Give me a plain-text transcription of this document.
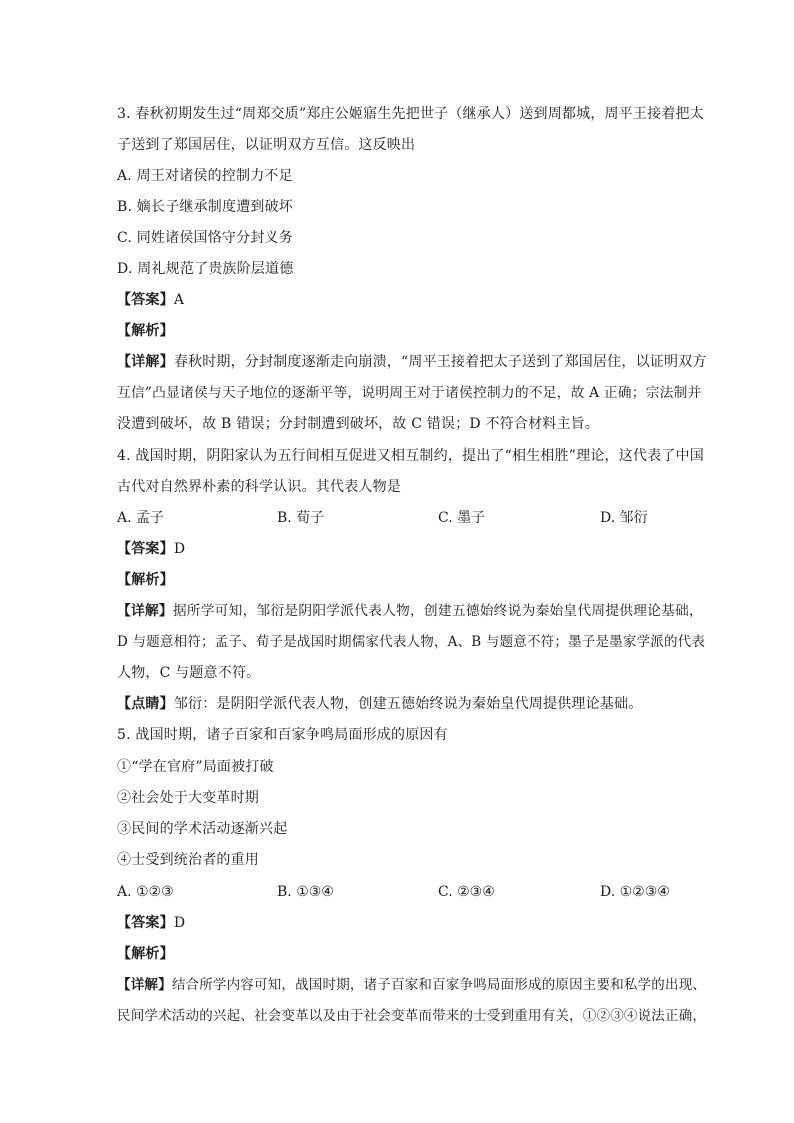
3. 春秋初期发生过“周郑交质”郑庄公姬寤生先把世子（继承人）送到周都城，周平王接着把太
子送到了郑国居住，以证明双方互信。这反映出
A. 周王对诸侯的控制力不足
B. 嫡长子继承制度遭到破坏
C. 同姓诸侯国恪守分封义务
D. 周礼规范了贵族阶层道德
【答案】A
【解析】
【详解】春秋时期，分封制度逐渐走向崩溃，“周平王接着把太子送到了郑国居住，以证明双方
互信”凸显诸侯与天子地位的逐渐平等，说明周王对于诸侯控制力的不足，故 A 正确；宗法制并
没遭到破坏，故 B 错误；分封制遭到破坏，故 C 错误；D 不符合材料主旨。
4. 战国时期，阴阳家认为五行间相互促进又相互制约，提出了“相生相胜”理论，这代表了中国
古代对自然界朴素的科学认识。其代表人物是
A. 孟子	B. 荀子	C. 墨子	D. 邹衍
【答案】D
【解析】
【详解】据所学可知，邹衍是阴阳学派代表人物，创建五德始终说为秦始皇代周提供理论基础，
D 与题意相符；孟子、荀子是战国时期儒家代表人物，A、B 与题意不符；墨子是墨家学派的代表
人物，C 与题意不符。
【点睛】邹衍：是阴阳学派代表人物，创建五德始终说为秦始皇代周提供理论基础。
5. 战国时期，诸子百家和百家争鸣局面形成的原因有
①“学在官府”局面被打破
②社会处于大变革时期
③民间的学术活动逐渐兴起
④士受到统治者的重用
A. ①②③	B. ①③④	C. ②③④	D. ①②③④
【答案】D
【解析】
【详解】结合所学内容可知，战国时期，诸子百家和百家争鸣局面形成的原因主要和私学的出现、
民间学术活动的兴起、社会变革以及由于社会变革而带来的士受到重用有关，①②③④说法正确，
